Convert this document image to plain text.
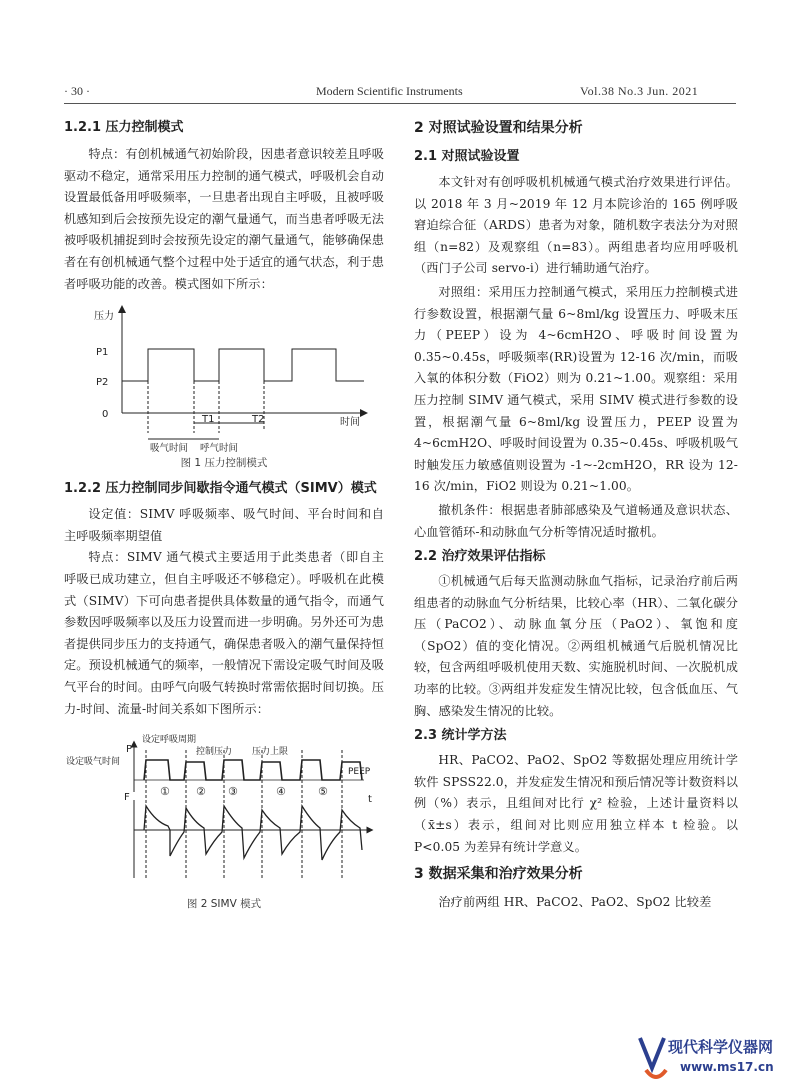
· 30 ·	Modern Scientific Instruments	Vol.38 No.3 Jun. 2021
1.2.1 压力控制模式

特点：有创机械通气初始阶段，因患者意识较差且呼吸驱动不稳定，通常采用压力控制的通气模式，呼吸机会自动设置最低备用呼吸频率，一旦患者出现自主呼吸，且被呼吸机感知到后会按预先设定的潮气量通气，而当患者呼吸无法被呼吸机捕捉到时会按预先设定的潮气量通气，能够确保患者在有创机械通气整个过程中处于适宜的通气状态，利于患者呼吸功能的改善。模式图如下所示：

压力
P1
P2
0	T1	T2	时间
吸气时间 呼气时间
图 1 压力控制模式
1.2.2 压力控制同步间歇指令通气模式（SIMV）模式

设定值：SIMV 呼吸频率、吸气时间、平台时间和自主呼吸频率期望值

特点：SIMV 通气模式主要适用于此类患者（即自主呼吸已成功建立，但自主呼吸还不够稳定）。呼吸机在此模式（SIMV）下可向患者提供具体数量的通气指令，而通气参数因呼吸频率以及压力设置而进一步明确。另外还可为患者提供同步压力的支持通气，确保患者吸入的潮气量保持恒定。预设机械通气的频率，一般情况下需设定吸气时间及吸气平台的时间。由呼气向吸气转换时常需依据时间切换。压力-时间、流量-时间关系如下图所示：

设定呼吸周期
控制压力 压力上限
设定吸气时间
P
F	t
PEEP
① ② ③	④	⑤
图 2 SIMV 模式
2 对照试验设置和结果分析
2.1 对照试验设置

本文针对有创呼吸机机械通气模式治疗效果进行评估。以 2018 年 3 月~2019 年 12 月本院诊治的 165 例呼吸窘迫综合征（ARDS）患者为对象，随机数字表法分为对照组（n=82）及观察组（n=83）。两组患者均应用呼吸机（西门子公司 servo-i）进行辅助通气治疗。

对照组：采用压力控制通气模式，采用压力控制模式进行参数设置，根据潮气量 6~8ml/kg 设置压力、呼吸末压力（PEEP）设为 4~6cmH2O、呼吸时间设置为 0.35~0.45s，呼吸频率(RR)设置为 12-16 次/min，而吸入氧的体积分数（FiO2）则为 0.21~1.00。观察组：采用压力控制 SIMV 通气模式，采用 SIMV 模式进行参数的设置，根据潮气量 6~8ml/kg 设置压力，PEEP 设置为 4~6cmH2O、呼吸时间设置为 0.35~0.45s、呼吸机吸气时触发压力敏感值则设置为 -1~-2cmH2O，RR 设为 12-16 次/min，FiO2 则设为 0.21~1.00。

撤机条件：根据患者肺部感染及气道畅通及意识状态、心血管循环-和动脉血气分析等情况适时撤机。

2.2 治疗效果评估指标

①机械通气后每天监测动脉血气指标，记录治疗前后两组患者的动脉血气分析结果，比较心率（HR）、二氧化碳分压（PaCO2）、动脉血氧分压（PaO2）、氧饱和度（SpO2）值的变化情况。②两组机械通气后脱机情况比较，包含两组呼吸机使用天数、实施脱机时间、一次脱机成功率的比较。③两组并发症发生情况比较，包含低血压、气胸、感染发生情况的比较。

2.3 统计学方法

HR、PaCO2、PaO2、SpO2 等数据处理应用统计学软件 SPSS22.0，并发症发生情况和预后情况等计数资料以例（%）表示，且组间对比行 χ² 检验，上述计量资料以（x̄±s）表示，组间对比则应用独立样本 t 检验。以 P<0.05 为差异有统计学意义。

3 数据采集和治疗效果分析

治疗前两组 HR、PaCO2、PaO2、SpO2 比较差

现代科学仪器网
www.ms17.cn
